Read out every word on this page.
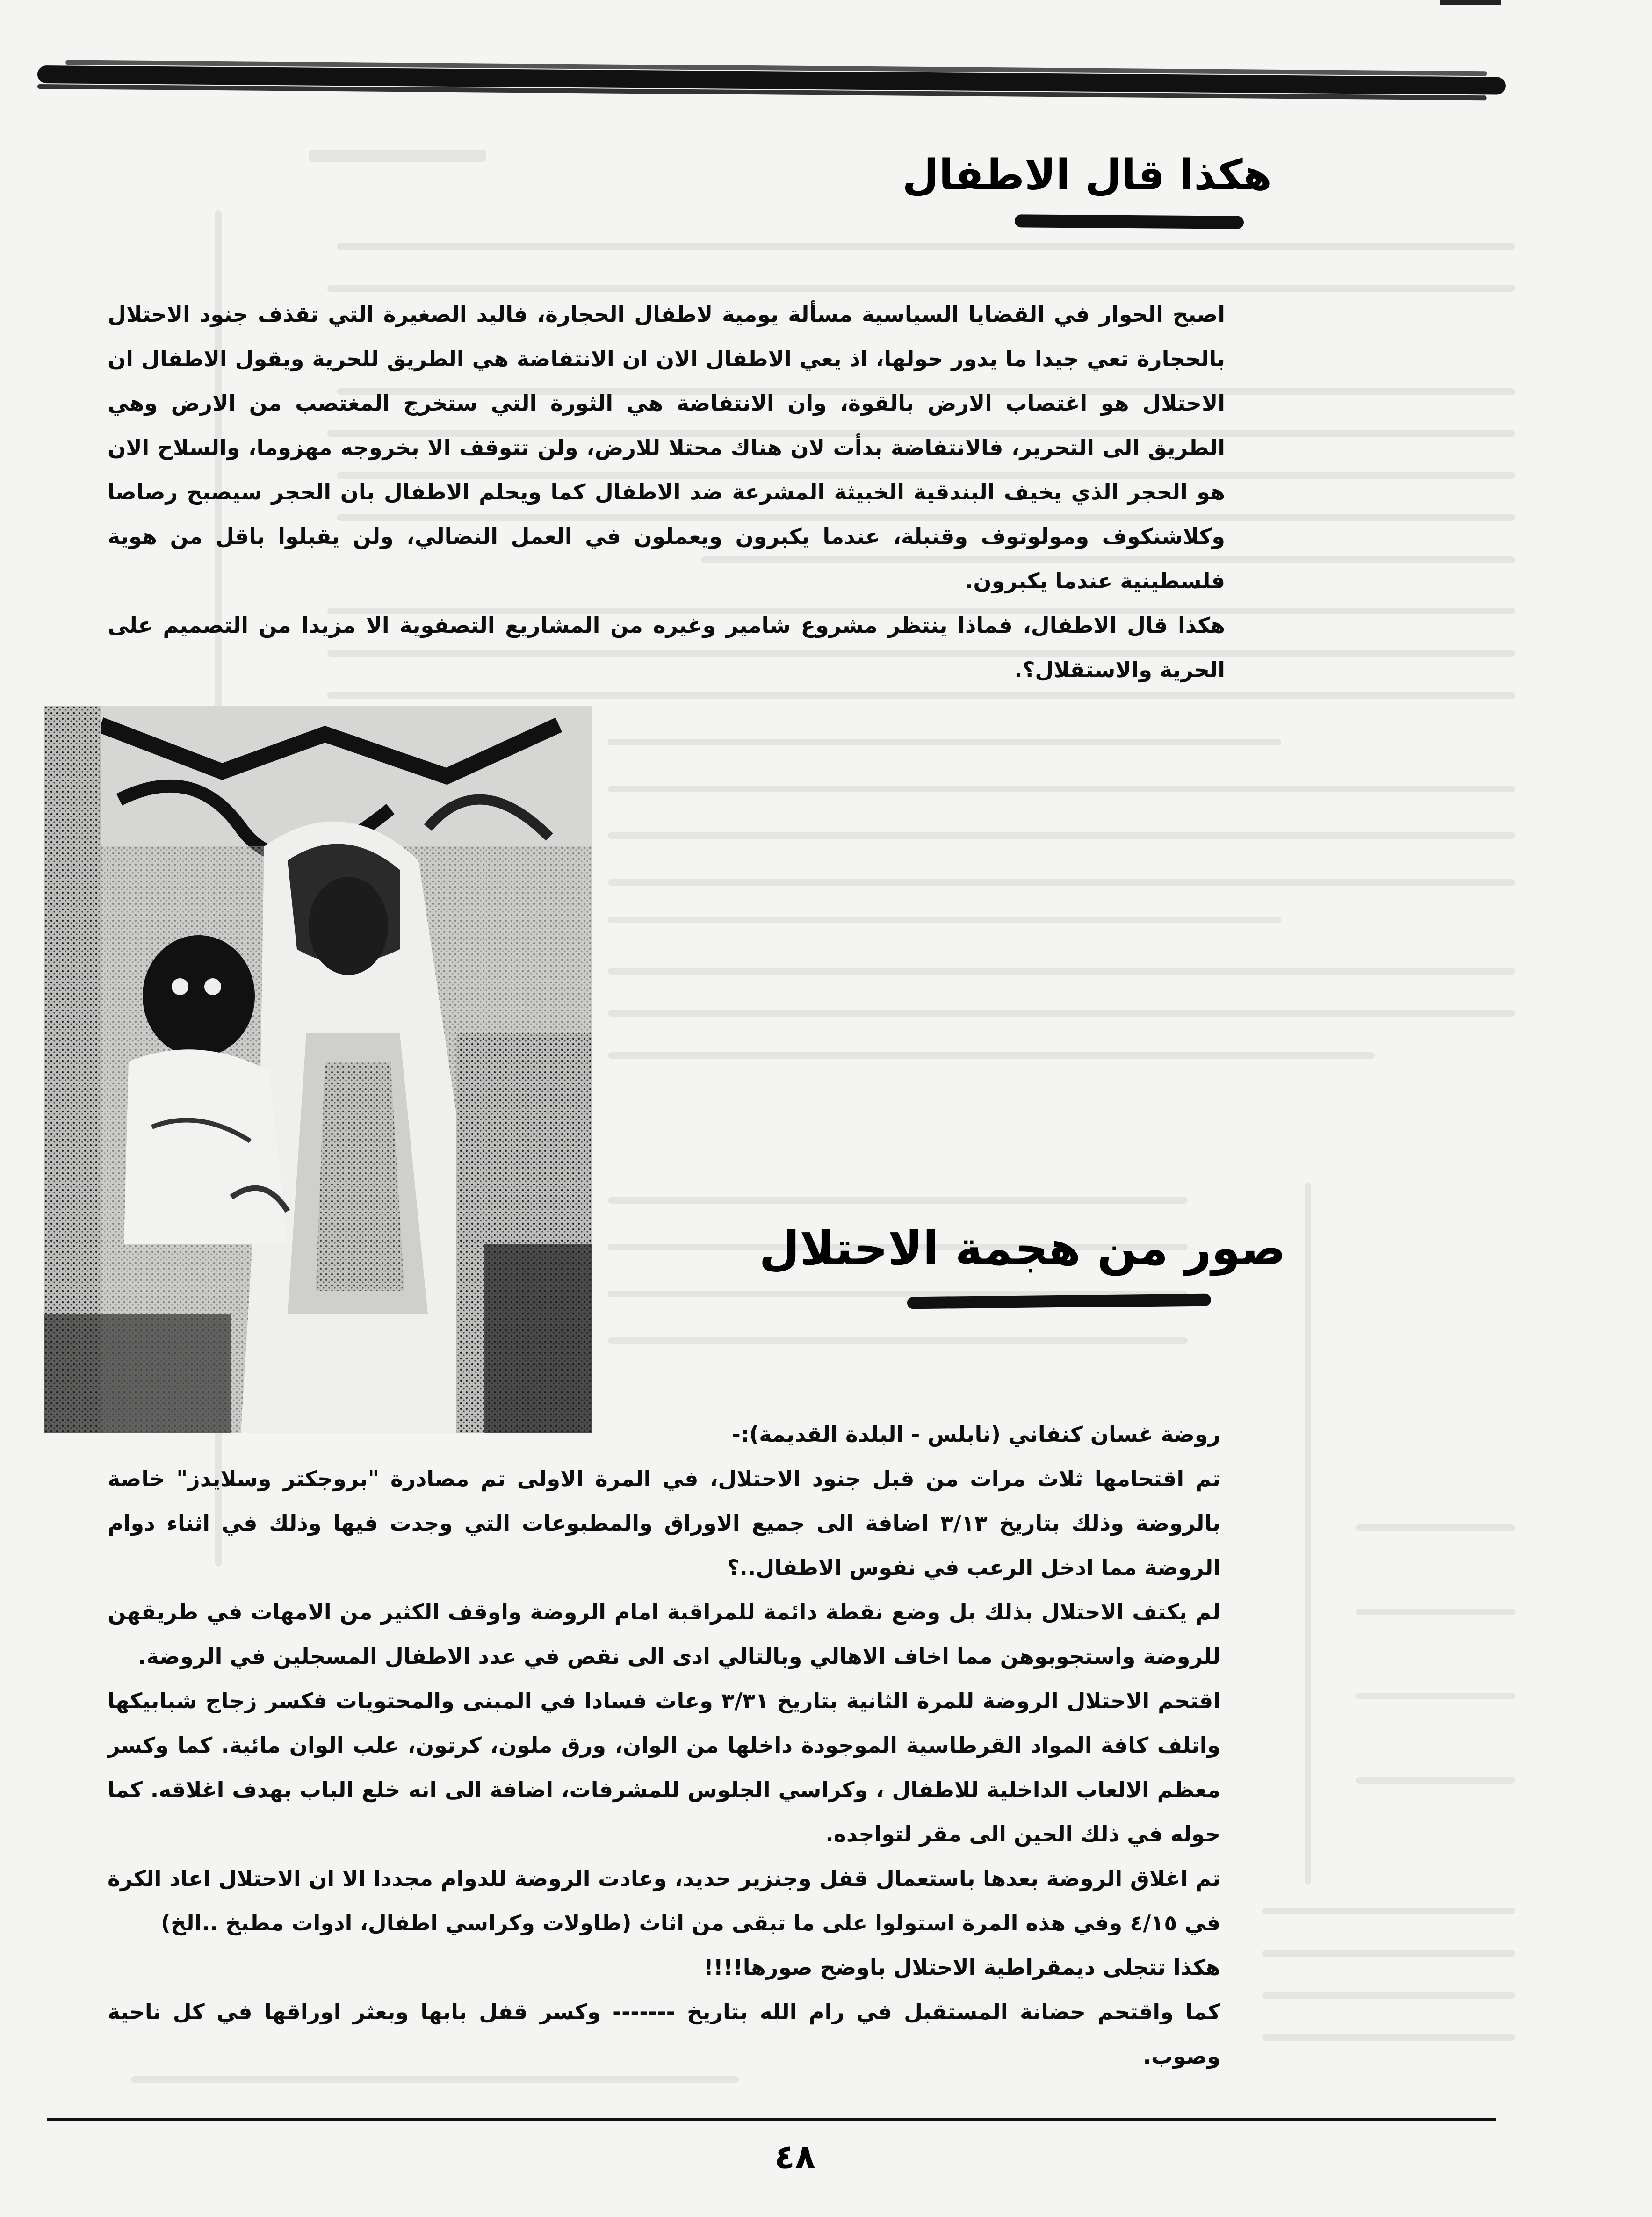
هكذا قال الاطفال

اصبح الحوار في القضايا السياسية مسألة يومية لاطفال الحجارة، فاليد الصغيرة التي تقذف جنود الاحتلال بالحجارة تعي جيدا ما يدور حولها، اذ يعي الاطفال الان ان الانتفاضة هي الطريق للحرية ويقول الاطفال ان الاحتلال هو اغتصاب الارض بالقوة، وان الانتفاضة هي الثورة التي ستخرج المغتصب من الارض وهي الطريق الى التحرير، فالانتفاضة بدأت لان هناك محتلا للارض، ولن تتوقف الا بخروجه مهزوما، والسلاح الان هو الحجر الذي يخيف البندقية الخبيثة المشرعة ضد الاطفال كما ويحلم الاطفال بان الحجر سيصبح رصاصا وكلاشنكوف ومولوتوف وقنبلة، عندما يكبرون ويعملون في العمل النضالي، ولن يقبلوا باقل من هوية فلسطينية عندما يكبرون.

هكذا قال الاطفال، فماذا ينتظر مشروع شامير وغيره من المشاريع التصفوية الا مزيدا من التصميم على الحرية والاستقلال؟.

صور من هجمة الاحتلال

روضة غسان كنفاني (نابلس - البلدة القديمة):-

تم اقتحامها ثلاث مرات من قبل جنود الاحتلال، في المرة الاولى تم مصادرة "بروجكتر وسلايدز" خاصة بالروضة وذلك بتاريخ ٣/١٣ اضافة الى جميع الاوراق والمطبوعات التي وجدت فيها وذلك في اثناء دوام الروضة مما ادخل الرعب في نفوس الاطفال..؟

لم يكتف الاحتلال بذلك بل وضع نقطة دائمة للمراقبة امام الروضة واوقف الكثير من الامهات في طريقهن للروضة واستجوبوهن مما اخاف الاهالي وبالتالي ادى الى نقص في عدد الاطفال المسجلين في الروضة.

اقتحم الاحتلال الروضة للمرة الثانية بتاريخ ٣/٣١ وعاث فسادا في المبنى والمحتويات فكسر زجاج شبابيكها واتلف كافة المواد القرطاسية الموجودة داخلها من الوان، ورق ملون، كرتون، علب الوان مائية. كما وكسر معظم الالعاب الداخلية للاطفال ، وكراسي الجلوس للمشرفات، اضافة الى انه خلع الباب بهدف اغلاقه. كما حوله في ذلك الحين الى مقر لتواجده.

تم اغلاق الروضة بعدها باستعمال قفل وجنزير حديد، وعادت الروضة للدوام مجددا الا ان الاحتلال اعاد الكرة في ٤/١٥ وفي هذه المرة استولوا على ما تبقى من اثاث (طاولات وكراسي اطفال، ادوات مطبخ ..الخ)

هكذا تتجلى ديمقراطية الاحتلال باوضح صورها!!!!

كما واقتحم حضانة المستقبل في رام الله بتاريخ ------- وكسر قفل بابها وبعثر اوراقها في كل ناحية وصوب.

٤٨
